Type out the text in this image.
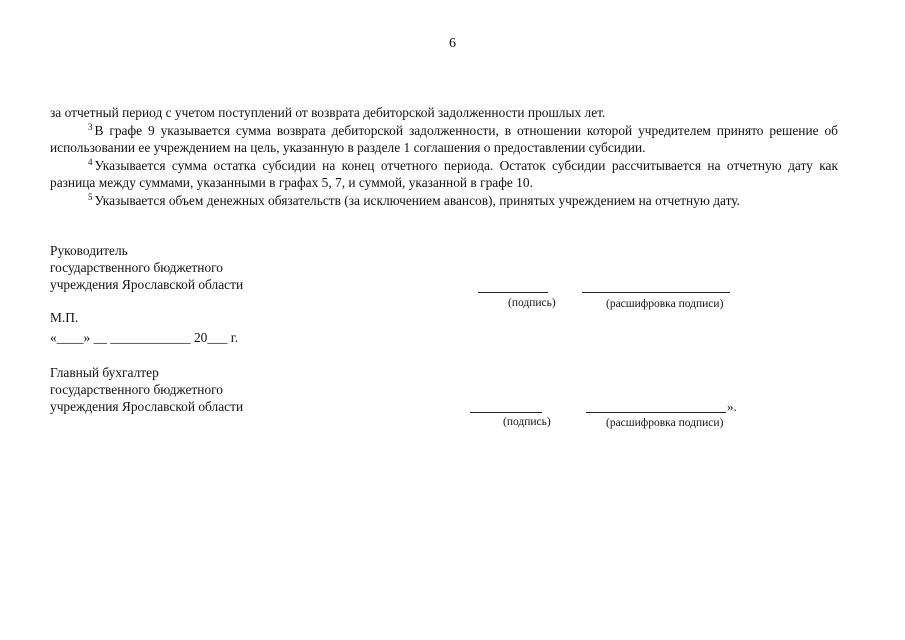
6

за отчетный период с учетом поступлений от возврата дебиторской задолженности прошлых лет.

$^3$ В графе 9 указывается сумма возврата дебиторской задолженности, в отношении которой учредителем принято решение об использовании ее учреждением на цель, указанную в разделе 1 соглашения о предоставлении субсидии.

$^4$ Указывается сумма остатка субсидии на конец отчетного периода. Остаток субсидии рассчитывается на отчетную дату как разница между суммами, указанными в графах 5, 7, и суммой, указанной в графе 10.

$^5$ Указывается объем денежных обязательств (за исключением авансов), принятых учреждением на отчетную дату.

Руководитель
государственного бюджетного
учреждения Ярославской области
(подпись)	(расшифровка подписи)
М.П.
«____» __ ____________ 20___ г.
Главный бухгалтер
государственного бюджетного
учреждения Ярославской области	».
(подпись)	(расшифровка подписи)
